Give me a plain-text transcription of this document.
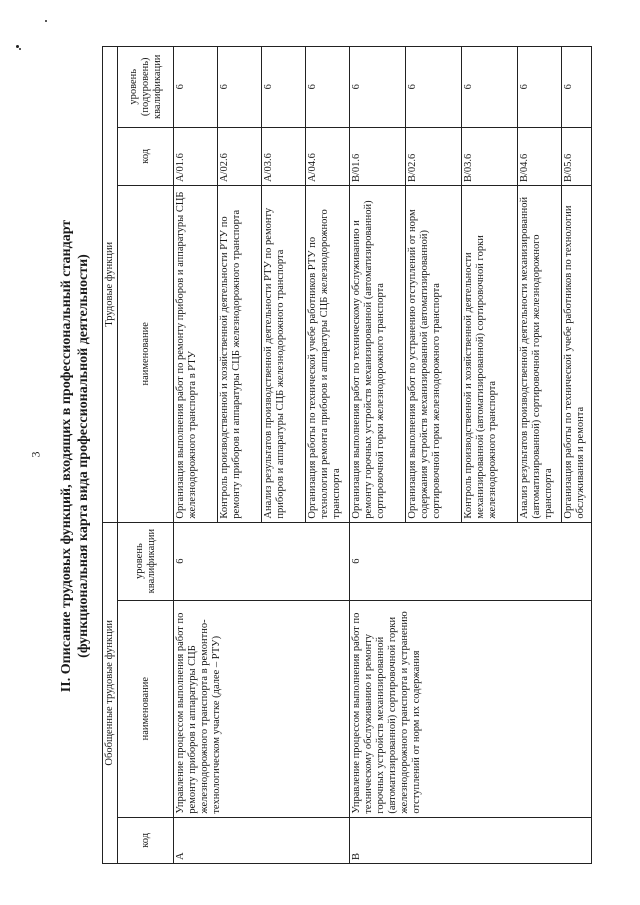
3 II. Описание трудовых функций, входящих в профессиональный стандарт (функциональная карта вида профессиональной деятельности)
Обобщенные трудовые функции			Трудовые функции		
код	наименование	уровень квалификации	наименование	код	уровень (подуровень) квалификации
A	Управление процессом выполнения работ по ремонту приборов и аппаратуры СЦБ железнодорожного транспорта в ремонтно-технологическом участке (далее – РТУ)	6	Организация выполнения работ по ремонту приборов и аппаратуры СЦБ железнодорожного транспорта в РТУ	A/01.6	6
			Контроль производственной и хозяйственной деятельности РТУ по ремонту приборов и аппаратуры СЦБ железнодорожного транспорта	A/02.6	6
			Анализ результатов производственной деятельности РТУ по ремонту приборов и аппаратуры СЦБ железнодорожного транспорта	A/03.6	6
			Организация работы по технической учебе работников РТУ по технологии ремонта приборов и аппаратуры СЦБ железнодорожного транспорта	A/04.6	6
B	Управление процессом выполнения работ по техническому обслуживанию и ремонту горочных устройств механизированной (автоматизированной) сортировочной горки железнодорожного транспорта и устранению отступлений от норм их содержания	6	Организация выполнения работ по техническому обслуживанию и ремонту горочных устройств механизированной (автоматизированной) сортировочной горки железнодорожного транспорта	B/01.6	6
			Организация выполнения работ по устранению отступлений от норм содержания устройств механизированной (автоматизированной) сортировочной горки железнодорожного транспорта	B/02.6	6
			Контроль производственной и хозяйственной деятельности механизированной (автоматизированной) сортировочной горки железнодорожного транспорта	B/03.6	6
			Анализ результатов производственной деятельности механизированной (автоматизированной) сортировочной горки железнодорожного транспорта	B/04.6	6
			Организация работы по технической учебе работников по технологии обслуживания и ремонта	B/05.6	6
